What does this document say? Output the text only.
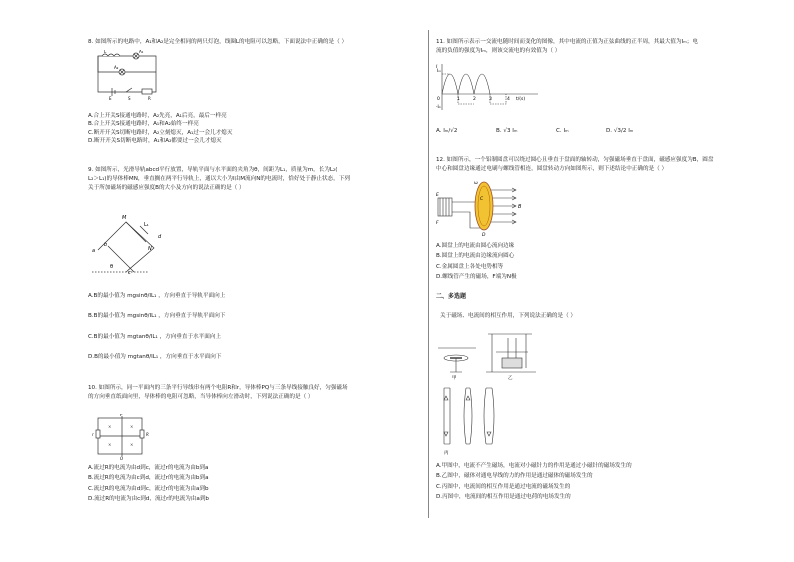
8. 如图所示的电路中，A₁和A₂是完全相同的两只灯泡，线圈L的电阻可以忽略，下面说法中正确的是（ ）
L	A₁
A₂
E	S	R
A.合上开关S接通电路时，A₂先亮，A₁后亮，最后一样亮
B.合上开关S接通电路时，A₁和A₂始终一样亮
C.断开开关S切断电路时，A₂立刻熄灭，A₁过一会儿才熄灭
D.断开开关S切断电路时，A₁和A₂都要过一会儿才熄灭
9. 如图所示，光滑导轨abcd平行放置，导轨平面与水平面的夹角为θ，间距为L₁，质量为m，长为L₂(
L₂＞L₁)的导体棒MN，垂直搁在两平行导轨上，通以大小为I由M流向N的电流时，恰好处于静止状态，下列
关于所加磁场的磁感应强度B的大小及方向的说法正确的是（ ）
M
N
a
b
c
d
L₁
θ
A.B的最小值为 mgsinθ/IL₁ ，方向垂直于导轨平面向上
B.B的最小值为 mgsinθ/IL₁ ，方向垂直于导轨平面向下
C.B的最小值为 mgtanθ/IL₁ ，方向垂直于水平面向上
D.B的最小值为 mgtanθ/IL₁ ，方向垂直于水平面向下
10. 如图所示，同一平面内的三条平行导线串有两个电阻R和r，导体棒PQ与三条导线接触良好，匀强磁场
的方向垂直纸面向里，导体棒的电阻可忽略，当导体棒向左滑动时，下列说法正确的是（ ）
×	×
×	×
r	R
P
Q
A.流过R的电流为由d到c，流过r的电流为由b到a
B.流过R的电流为由c到d，流过r的电流为由b到a
C.流过R的电流为由d到c，流过r的电流为由a到b
D.流过R的电流为由c到d，流过r的电流为由a到b
11. 如图所示表示一交流电随时间而变化的图像，其中电流的正值为正弦曲线的正半周，其最大值为Iₘ；电
流的负值的强度为Iₘ，则该交流电的有效值为（ ）
Iₘ
I
0
-Iₘ
1	2	3	4 t/(s)
A. Iₘ/√2	B. √3 Iₘ	C. Iₘ	D. √3/2 Iₘ
12. 如图所示，一个铝制圆盘可以绕过圆心且垂直于盘面的轴转动，匀强磁场垂直于盘面，磁感应强度为B，圆盘
中心和圆盘边缘通过电刷与螺线管相连，圆盘转动方向如图所示，则下述结论中正确的是（ ）
B
C
D
E
F
ω
A.圆盘上的电流由圆心流向边缘
B.圆盘上的电流由边缘流向圆心
C.金属圆盘上各处电势相等
D.螺线管产生的磁场，F端为N极
二、多选题
关于磁场、电流间的相互作用，下列说法正确的是（ ）
甲	乙
丙
A.甲图中，电流不产生磁场，电流对小磁针力的作用是通过小磁针的磁场发生的
B.乙图中，磁体对通电导线的力的作用是通过磁体的磁场发生的
C.丙图中，电流间的相互作用是通过电流的磁场发生的
D.丙图中，电流间的相互作用是通过电荷的电场发生的
